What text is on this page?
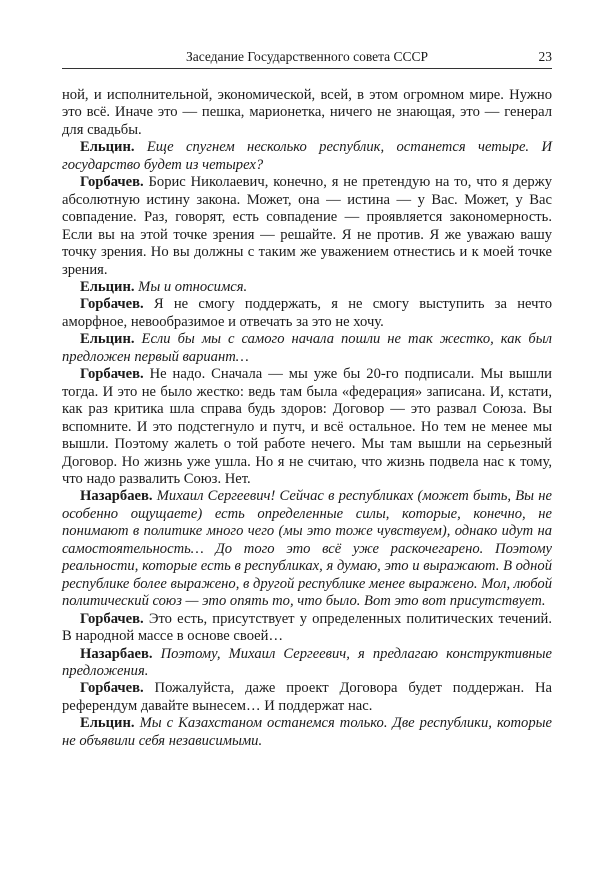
Заседание Государственного совета СССР	23

ной, и исполнительной, экономической, всей, в этом огромном мире. Нужно это всё. Иначе это — пешка, марионетка, ничего не знающая, это — генерал для свадьбы.

Ельцин. Еще спугнем несколько республик, останется четыре. И государство будет из четырех?

Горбачев. Борис Николаевич, конечно, я не претендую на то, что я держу абсолютную истину закона. Может, она — истина — у Вас. Может, у Вас совпадение. Раз, говорят, есть совпадение — проявляется закономерность. Если вы на этой точке зрения — решайте. Я не против. Я же уважаю вашу точку зрения. Но вы должны с таким же уважением отнестись и к моей точке зрения.

Ельцин. Мы и относимся.

Горбачев. Я не смогу поддержать, я не смогу выступить за нечто аморфное, невообразимое и отвечать за это не хочу.

Ельцин. Если бы мы с самого начала пошли не так жестко, как был предложен первый вариант…

Горбачев. Не надо. Сначала — мы уже бы 20-го подписали. Мы вышли тогда. И это не было жестко: ведь там была «федерация» записана. И, кстати, как раз критика шла справа будь здоров: Договор — это развал Союза. Вы вспомните. И это подстегнуло и путч, и всё остальное. Но тем не менее мы вышли. Поэтому жалеть о той работе нечего. Мы там вышли на серьезный Договор. Но жизнь уже ушла. Но я не считаю, что жизнь подвела нас к тому, что надо развалить Союз. Нет.

Назарбаев. Михаил Сергеевич! Сейчас в республиках (может быть, Вы не особенно ощущаете) есть определенные силы, которые, конечно, не понимают в политике много чего (мы это тоже чувствуем), однако идут на самостоятельность… До того это всё уже раскочегарено. Поэтому реальности, которые есть в республиках, я думаю, это и выражают. В одной республике более выражено, в другой республике менее выражено. Мол, любой политический союз — это опять то, что было. Вот это вот присутствует.

Горбачев. Это есть, присутствует у определенных политических течений. В народной массе в основе своей…

Назарбаев. Поэтому, Михаил Сергеевич, я предлагаю конструктивные предложения.

Горбачев. Пожалуйста, даже проект Договора будет поддержан. На референдум давайте вынесем… И поддержат нас.

Ельцин. Мы с Казахстаном останемся только. Две республики, которые не объявили себя независимыми.
